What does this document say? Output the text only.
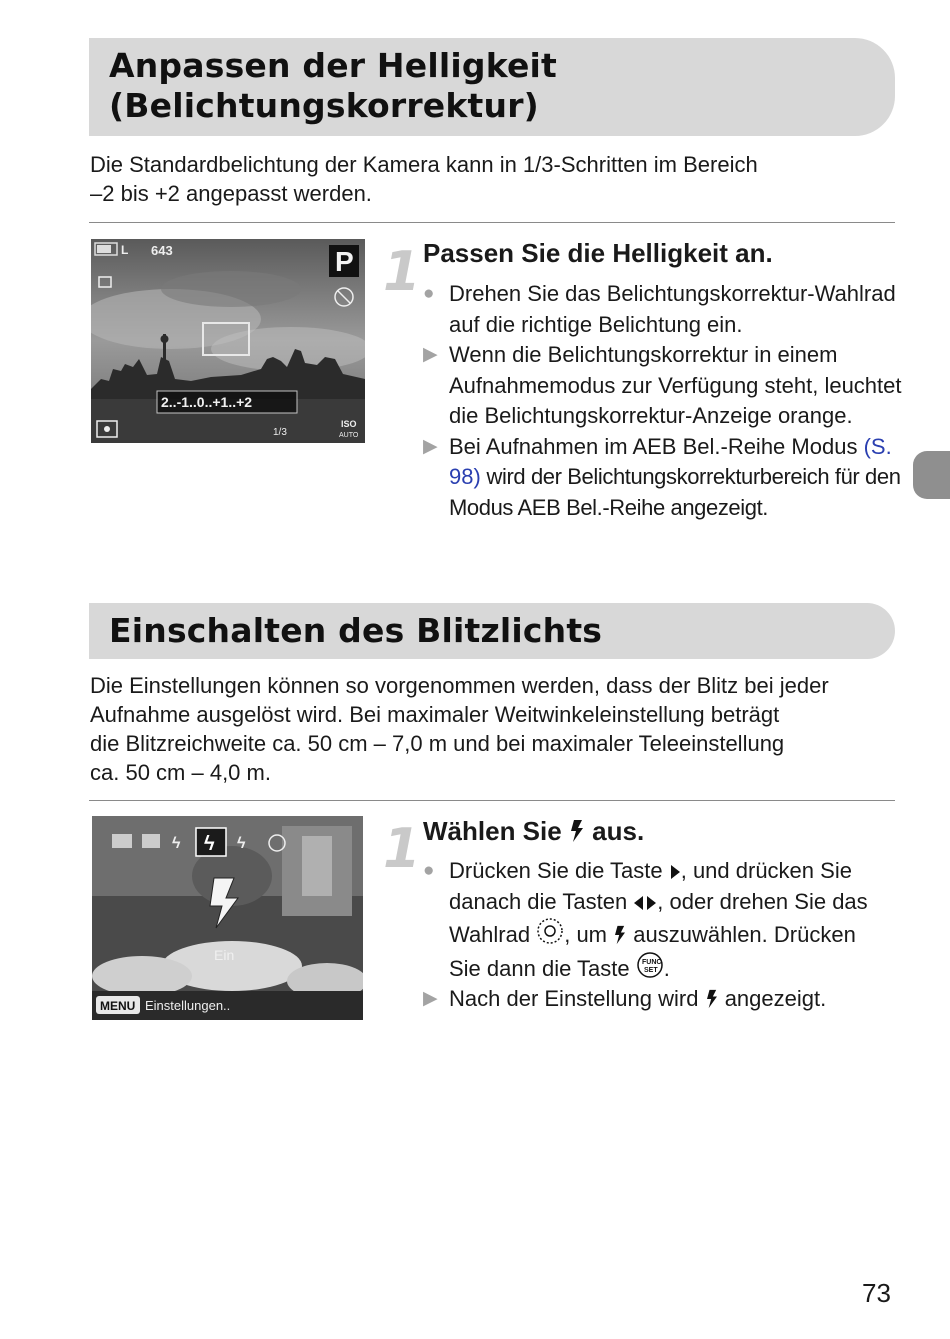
Anpassen der Helligkeit
(Belichtungskorrektur)
Die Standardbelichtung der Kamera kann in 1/3-Schritten im Bereich
–2 bis +2 angepasst werden.
L 643	P
2..-1..0..+1..+2
1/3
ISO
AUTO
1 Passen Sie die Helligkeit an.
● Drehen Sie das Belichtungskorrektur-Wahlrad auf die richtige Belichtung ein.
▶ Wenn die Belichtungskorrektur in einem Aufnahmemodus zur Verfügung steht, leuchtet die Belichtungskorrektur-Anzeige orange.
▶ Bei Aufnahmen im AEB Bel.-Reihe Modus (S. 98) wird der Belichtungskorrekturbereich für den Modus AEB Bel.-Reihe angezeigt.
Einschalten des Blitzlichts
Die Einstellungen können so vorgenommen werden, dass der Blitz bei jeder
Aufnahme ausgelöst wird. Bei maximaler Weitwinkeleinstellung beträgt
die Blitzreichweite ca. 50 cm – 7,0 m und bei maximaler Teleeinstellung
ca. 50 cm – 4,0 m.
ϟ ϟ ϟ
Ein
MENU Einstellungen..
1 Wählen Sie  aus.
● Drücken Sie die Taste , und drücken Sie danach die Tasten , oder drehen Sie das Wahlrad , um  auszuwählen. Drücken Sie dann die Taste FUNC
SET .
▶ Nach der Einstellung wird  angezeigt.
73
